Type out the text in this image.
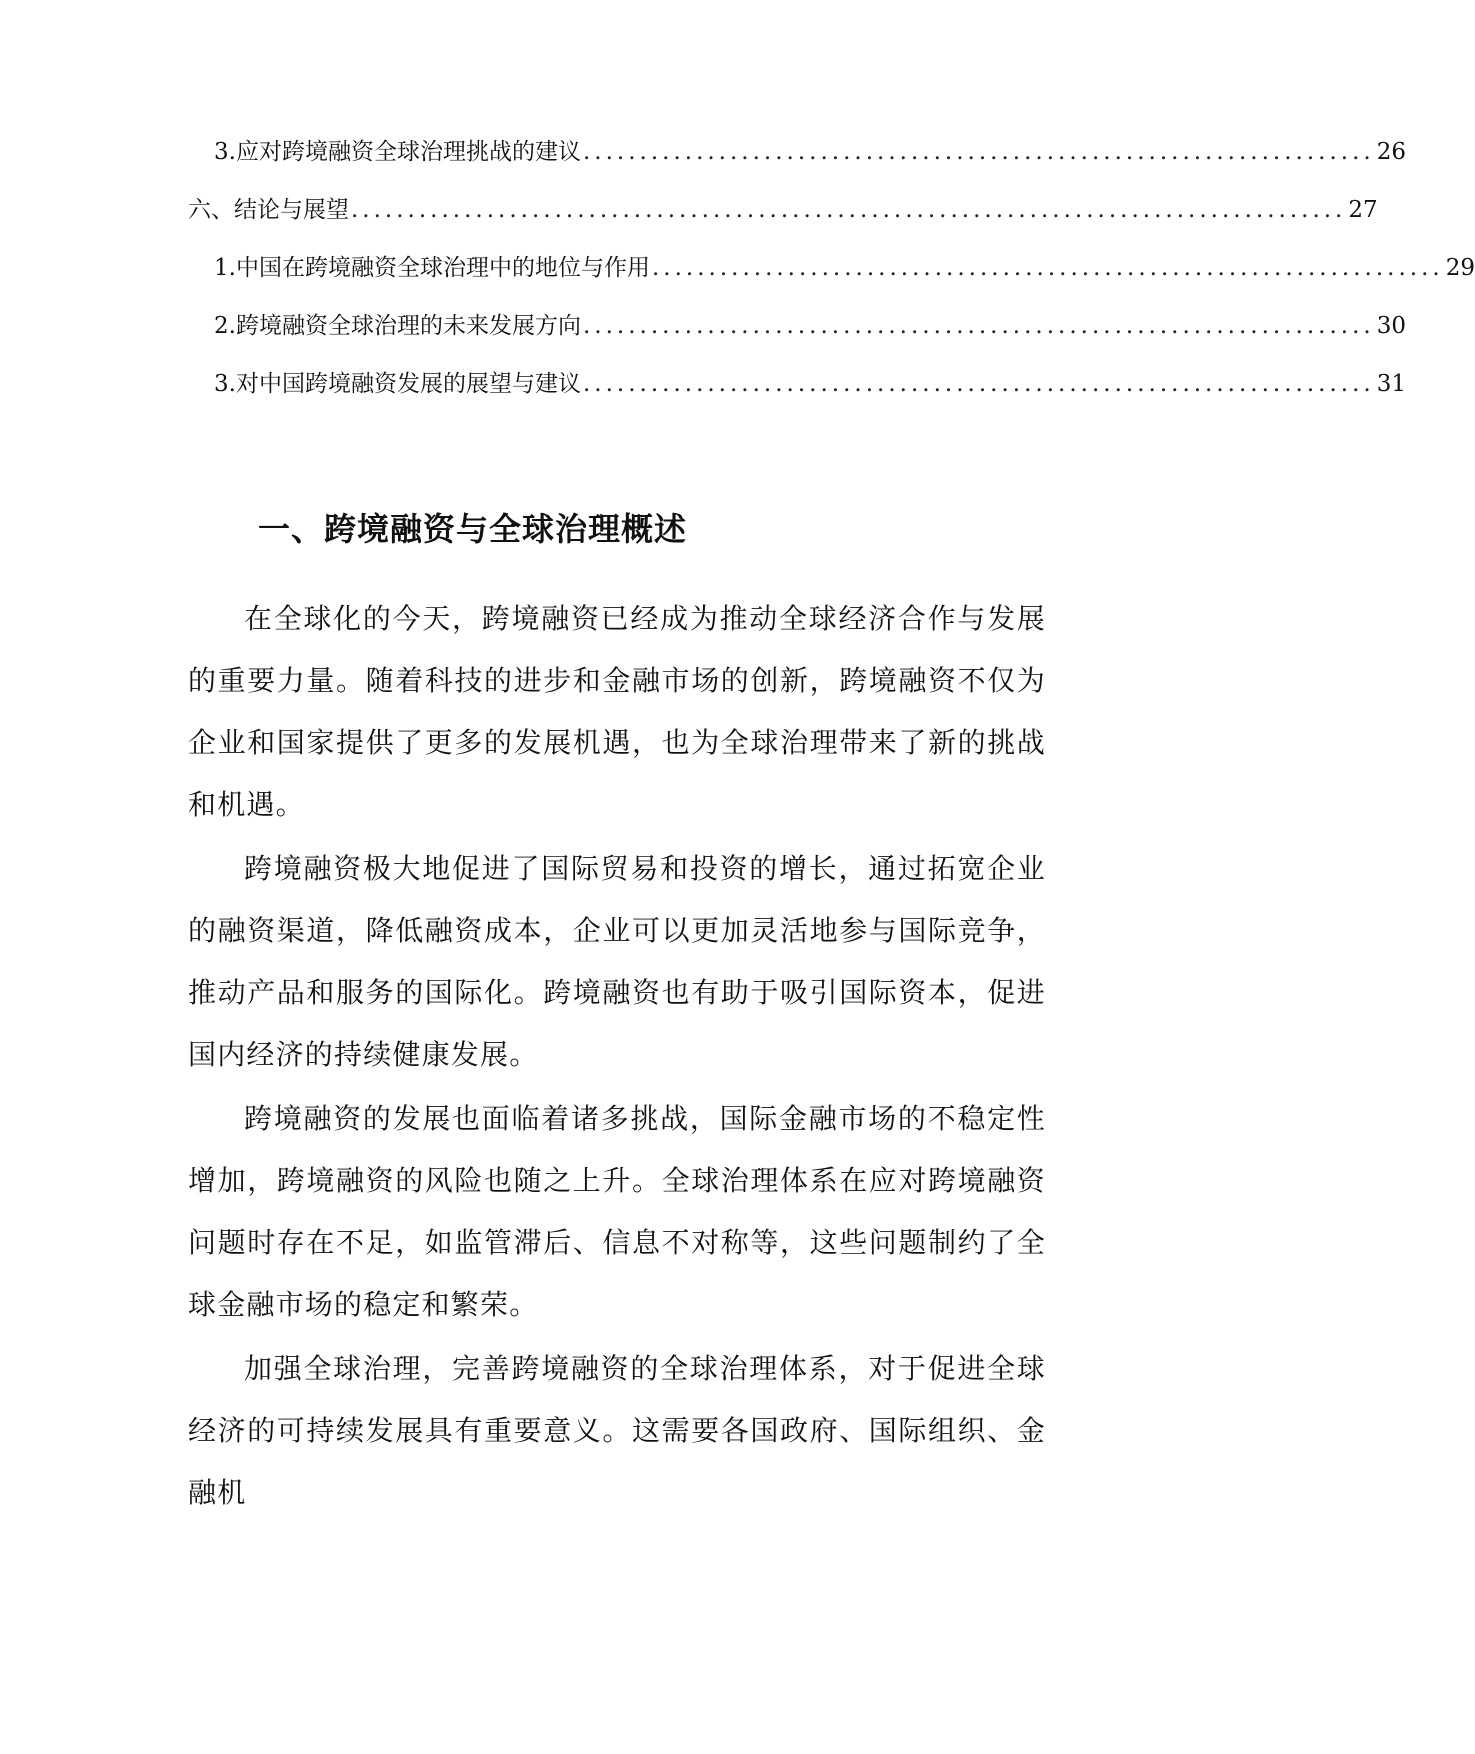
3. 应对跨境融资全球治理挑战的建议 ...................................................................... 26
六、结论与展望 ........................................................................................ 27
1. 中国在跨境融资全球治理中的地位与作用 ...................................................................... 29
2. 跨境融资全球治理的未来发展方向 ...................................................................... 30
3. 对中国跨境融资发展的展望与建议 ...................................................................... 31
一、跨境融资与全球治理概述

在全球化的今天，跨境融资已经成为推动全球经济合作与发展的重要力量。随着科技的进步和金融市场的创新，跨境融资不仅为企业和国家提供了更多的发展机遇，也为全球治理带来了新的挑战和机遇。

跨境融资极大地促进了国际贸易和投资的增长，通过拓宽企业的融资渠道，降低融资成本，企业可以更加灵活地参与国际竞争，推动产品和服务的国际化。跨境融资也有助于吸引国际资本，促进国内经济的持续健康发展。

跨境融资的发展也面临着诸多挑战，国际金融市场的不稳定性增加，跨境融资的风险也随之上升。全球治理体系在应对跨境融资问题时存在不足，如监管滞后、信息不对称等，这些问题制约了全球金融市场的稳定和繁荣。

加强全球治理，完善跨境融资的全球治理体系，对于促进全球经济的可持续发展具有重要意义。这需要各国政府、国际组织、金融机
